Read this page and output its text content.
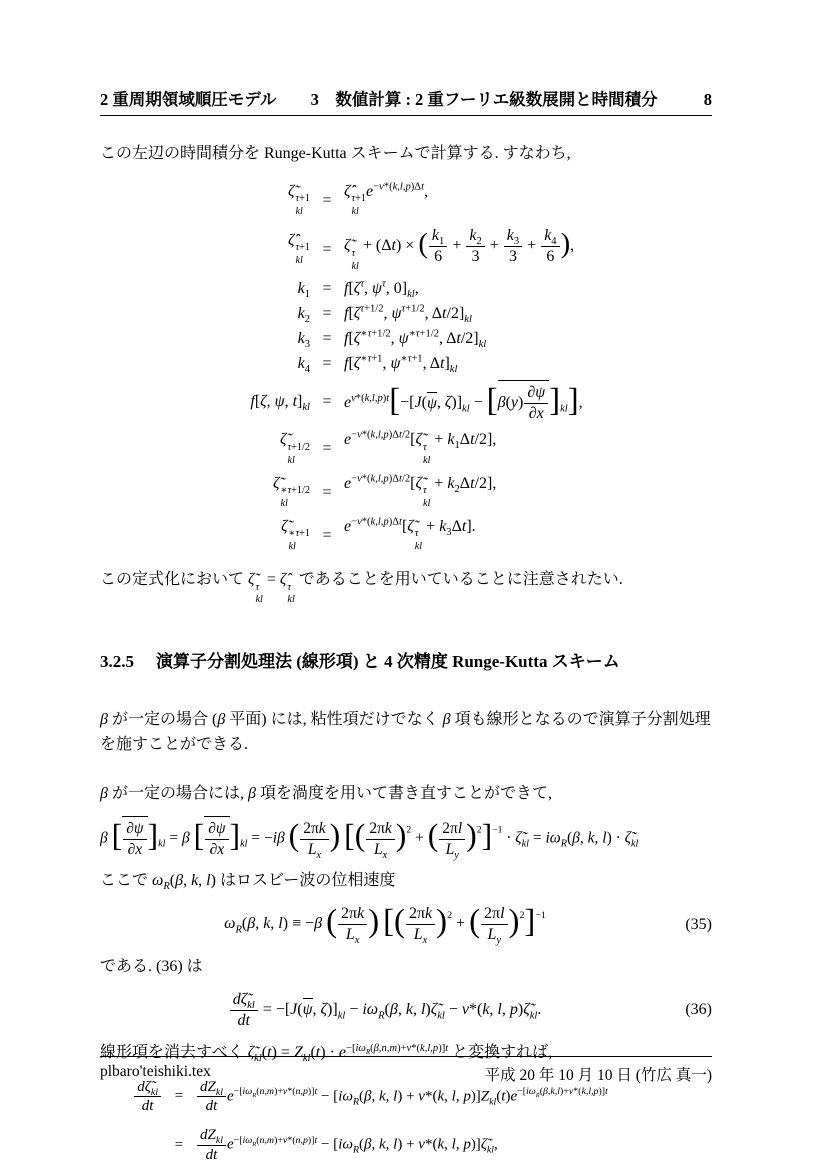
2 重周期領域順圧モデル 3　数値計算 : 2 重フーリエ級数展開と時間積分	8

この左辺の時間積分を Runge-Kutta スキームで計算する. すなわち,

ζ̃ τ+1
kl
=
ζ̂ τ+1
kl
$e^{-\nu*(k,l,p)\Delta t}$,
ζ̂ τ+1
kl
= ζ̃ τ
kl
+ (Δt) × ( $\frac{k_1}{6} + \frac{k_2}{3} + \frac{k_3}{3} + \frac{k_4}{6}$ ),
$k_1 = f[\zeta^\tau$, $\psi^\tau$, $0]_{kl}$,
$k_2 = f[\zeta^{\tau+1/2}$, $\psi^{\tau+1/2}$, $\Delta t/2]_{kl}$
$k_3 = f[\zeta^{∗\tau+1/2}$, $\psi^{∗\tau+1/2}$, $\Delta t/2]_{kl}$
$k_4 = f[\zeta^{∗\tau+1}$, $\psi^{∗\tau+1}$, $\Delta t]_{kl}$
f[ζ, ψ, $t]_{kl} = e^{\nu*(k,l,p)t}[-[J(\psi$, $\zeta)]_{kl} - [\beta(y) \frac{\partial\psi}{\partial x} ]_{kl}$],
ζ̃ τ+1/2
kl
=
$e^{-\nu*(k,l,p)\Delta t/2}[\zetã$ τ
kl
+ $k_1\Delta t/2$],
ζ̃ ∗τ+1/2
kl
=
$e^{-\nu*(k,l,p)\Delta t/2}[\zetã$ τ
kl
+ $k_2\Delta t/2$],
ζ̃ ∗τ+1
kl
=
$e^{-\nu*(k,l,p)\Delta t}[\zetã$ τ
kl
+ $k_3\Delta t$].

この定式化において ζ̃ τ
kl
= ζ̂ τ
kl
であることを用いていることに注意されたい.

3.2.5 演算子分割処理法 (線形項) と 4 次精度 Runge-Kutta スキーム

β が一定の場合 (β 平面) には, 粘性項だけでなく β 項も線形となるので演算子分割処理を施すことができる.

β が一定の場合には, β 項を渦度を用いて書き直すことができて,

β [ $\frac{\partial\psi}{\partial x} ]_{kl} = \beta$ [ $\frac{\partial\psi}{\partial x} ]_{kl} = -i\beta$ ( $\frac{2\pi k}{L_x}$ ) [( $\frac{2\pi k}{L_x} )^2$ + ( $\frac{2\pi l}{L_y} )^2]^{-1}$ · $\zetã_{kl} = i\omega_R(\beta$, k, $l) \cdot \zetã_{kl}$

ここで $\omega_R(\beta$, k, l) はロスビー波の位相速度

$\omega_R(\beta$, k, l) ≡ −β ( $\frac{2\pi k}{L_x}$ ) [( $\frac{2\pi k}{L_x} )^2$ + ( $\frac{2\pi l}{L_y} )^2]^{-1}$
(35)

である. (36) は

$\frac{d\zetã_{kl}}{dt} = -[J(\psi$, $\zeta)]_{kl} - i\omega_R(\beta$, k, $l)\zetã_{kl} - \nu*(k$, l, $p)\zetã_{kl}$.	(36)

線形項を消去すべく $\zetã_{kl}(t) = Z_{kl}(t) \cdot e^{-[i\omega_R(\beta,n,m)+\nu*(k,l,p)]t}$ と変換すれば,

$\frac{d\zetã_{kl}}{dt}$ =
$dZ_{kl}$
dt
$e^{-[i\omega_R(n,m)+\nu*(n,p)]t} - [i\omega_R(\beta$, k, l) + ν*(k, l, $p)]Z_{kl}(t)e^{-[i\omega_R(\beta,k,l)+\nu*(k,l,p)]t}$
=
$dZ_{kl}$
dt
$e^{-[i\omega_R(n,m)+\nu*(n,p)]t} - [i\omega_R(\beta$, k, l) + ν*(k, l, $p)]\zetã_{kl}$,
plbaro'teishiki.tex	平成 20 年 10 月 10 日 (竹広 真一)
